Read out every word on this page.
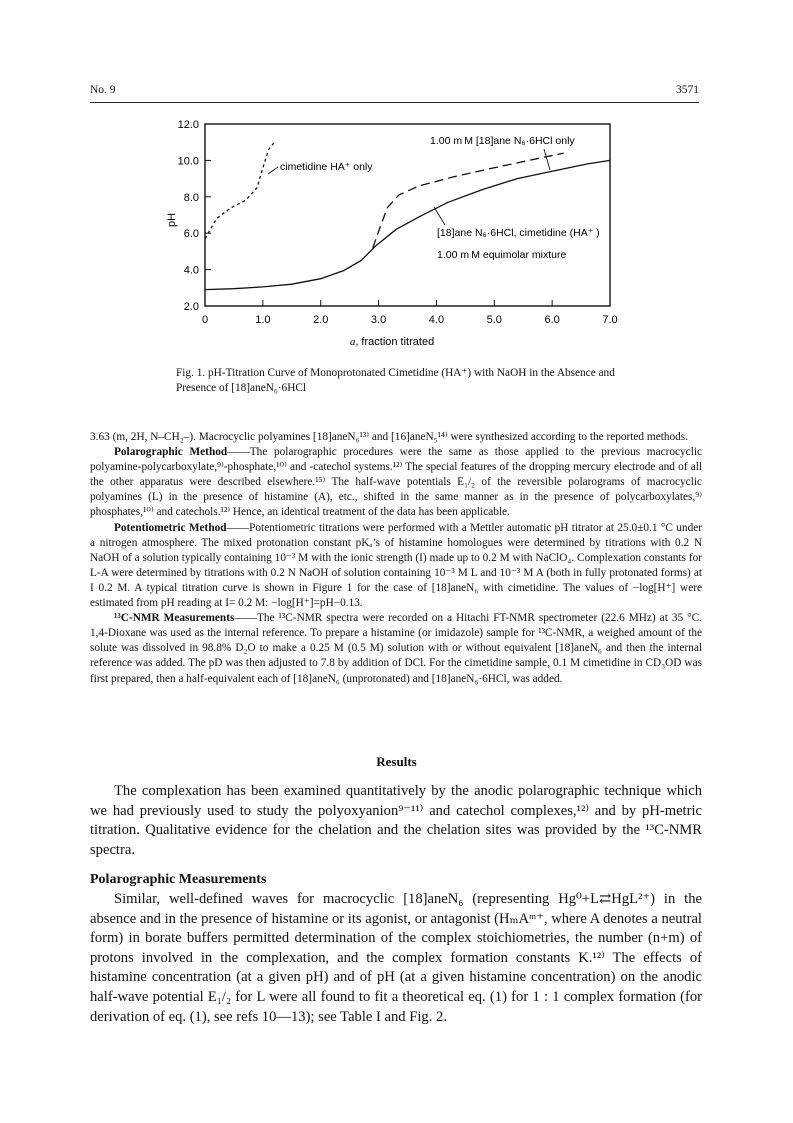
No. 9	3571
12.0
10.0
8.0
6.0
4.0
2.0
0	1.0	2.0	3.0	4.0	5.0	6.0	7.0
pH
a, fraction titrated
cimetidine HA⁺ only
1.00 m M [18]ane N₆·6HCl only
[18]ane N₆·6HCl, cimetidine (HA⁺ )
1.00 m M equimolar mixture
Fig. 1. pH-Titration Curve of Monoprotonated Cimetidine (HA⁺) with NaOH in the Absence and Presence of [18]aneN₆·6HCl

3.63 (m, 2H, N–CH₂–). Macrocyclic polyamines [18]aneN₆¹³⁾ and [16]aneN₅¹⁴⁾ were synthesized according to the reported methods.

Polarographic Method——The polarographic procedures were the same as those applied to the previous macrocyclic polyamine-polycarboxylate,⁹⁾-phosphate,¹⁰⁾ and -catechol systems.¹²⁾ The special features of the dropping mercury electrode and of all the other apparatus were described elsewhere.¹⁵⁾ The half-wave potentials E₁/₂ of the reversible polarograms of macrocyclic polyamines (L) in the presence of histamine (A), etc., shifted in the same manner as in the presence of polycarboxylates,⁹⁾ phosphates,¹⁰⁾ and catechols.¹²⁾ Hence, an identical treatment of the data has been applicable.

Potentiometric Method——Potentiometric titrations were performed with a Mettler automatic pH titrator at 25.0±0.1 °C under a nitrogen atmosphere. The mixed protonation constant pKₐ’s of histamine homologues were determined by titrations with 0.2 N NaOH of a solution typically containing 10⁻³ M with the ionic strength (I) made up to 0.2 M with NaClO₄. Complexation constants for L-A were determined by titrations with 0.2 N NaOH of solution containing 10⁻³ M L and 10⁻³ M A (both in fully protonated forms) at I 0.2 M. A typical titration curve is shown in Figure 1 for the case of [18]aneN₆ with cimetidine. The values of −log[H⁺] were estimated from pH reading at I= 0.2 M: −log[H⁺]=pH−0.13.

¹³C-NMR Measurements——The ¹³C-NMR spectra were recorded on a Hitachi FT-NMR spectrometer (22.6 MHz) at 35 °C. 1,4-Dioxane was used as the internal reference. To prepare a histamine (or imidazole) sample for ¹³C-NMR, a weighed amount of the solute was dissolved in 98.8% D₂O to make a 0.25 M (0.5 M) solution with or without equivalent [18]aneN₆ and then the internal reference was added. The pD was then adjusted to 7.8 by addition of DCl. For the cimetidine sample, 0.1 M cimetidine in CD₃OD was first prepared, then a half-equivalent each of [18]aneN₆ (unprotonated) and [18]aneN₆·6HCl, was added.

Results

The complexation has been examined quantitatively by the anodic polarographic technique which we had previously used to study the polyoxyanion⁹⁻¹¹⁾ and catechol complexes,¹²⁾ and by pH-metric titration. Qualitative evidence for the chelation and the chelation sites was provided by the ¹³C-NMR spectra.

Polarographic Measurements

Similar, well-defined waves for macrocyclic [18]aneN₆ (representing Hg⁰+L⇄HgL²⁺) in the absence and in the presence of histamine or its agonist, or antagonist (HₘAᵐ⁺, where A denotes a neutral form) in borate buffers permitted determination of the complex stoichiometries, the number (n+m) of protons involved in the complexation, and the complex formation constants K.¹²⁾ The effects of histamine concentration (at a given pH) and of pH (at a given histamine concentration) on the anodic half-wave potential E₁/₂ for L were all found to fit a theoretical eq. (1) for 1 : 1 complex formation (for derivation of eq. (1), see refs 10—13); see Table I and Fig. 2.
